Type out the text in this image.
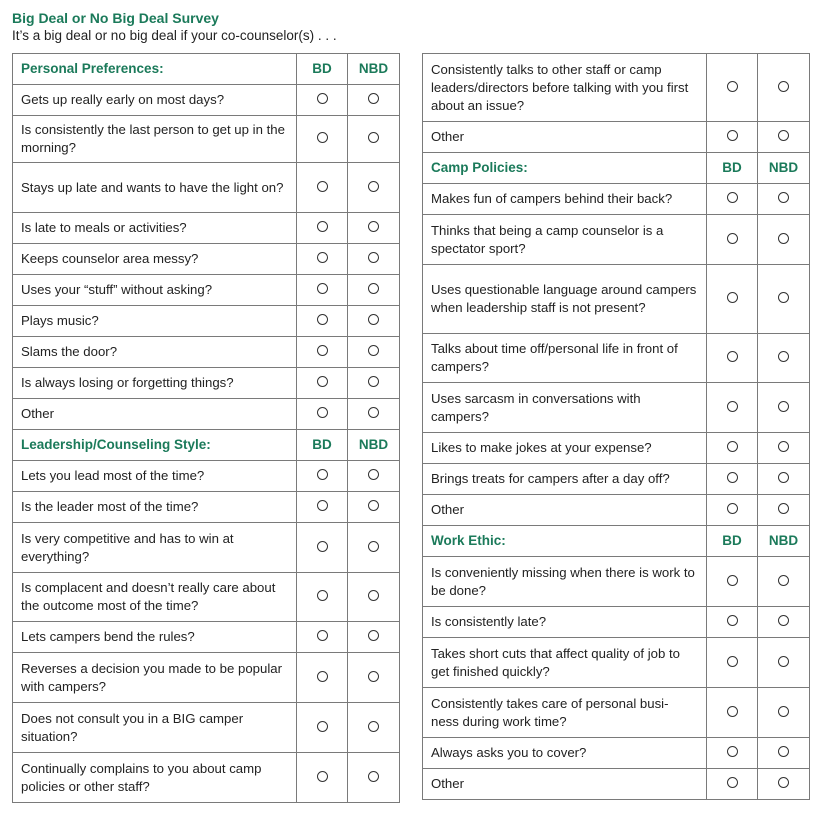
Big Deal or No Big Deal Survey
It’s a big deal or no big deal if your co-counselor(s) . . .
Personal Preferences:	BD	NBD
Gets up really early on most days?		
Is consistently the last person to get up in the morning?		
Stays up late and wants to have the light on?		
Is late to meals or activities?		
Keeps counselor area messy?		
Uses your “stuff” without asking?		
Plays music?		
Slams the door?		
Is always losing or forgetting things?		
Other		
Leadership/Counseling Style:	BD	NBD
Lets you lead most of the time?		
Is the leader most of the time?		
Is very competitive and has to win at everything?		
Is complacent and doesn’t really care about the outcome most of the time?		
Lets campers bend the rules?		
Reverses a decision you made to be popular with campers?		
Does not consult you in a BIG camper situation?		
Continually complains to you about camp policies or other staff?		
Consistently talks to other staff or camp leaders/directors before talking with you first about an issue?		
Other		
Camp Policies:	BD	NBD
Makes fun of campers behind their back?		
Thinks that being a camp counselor is a spectator sport?		
Uses questionable language around campers when leadership staff is not present?		
Talks about time off/personal life in front of campers?		
Uses sarcasm in conversations with campers?		
Likes to make jokes at your expense?		
Brings treats for campers after a day off?		
Other		
Work Ethic:	BD	NBD
Is conveniently missing when there is work to be done?		
Is consistently late?		
Takes short cuts that affect quality of job to get finished quickly?		
Consistently takes care of personal busi- ness during work time?		
Always asks you to cover?		
Other		
